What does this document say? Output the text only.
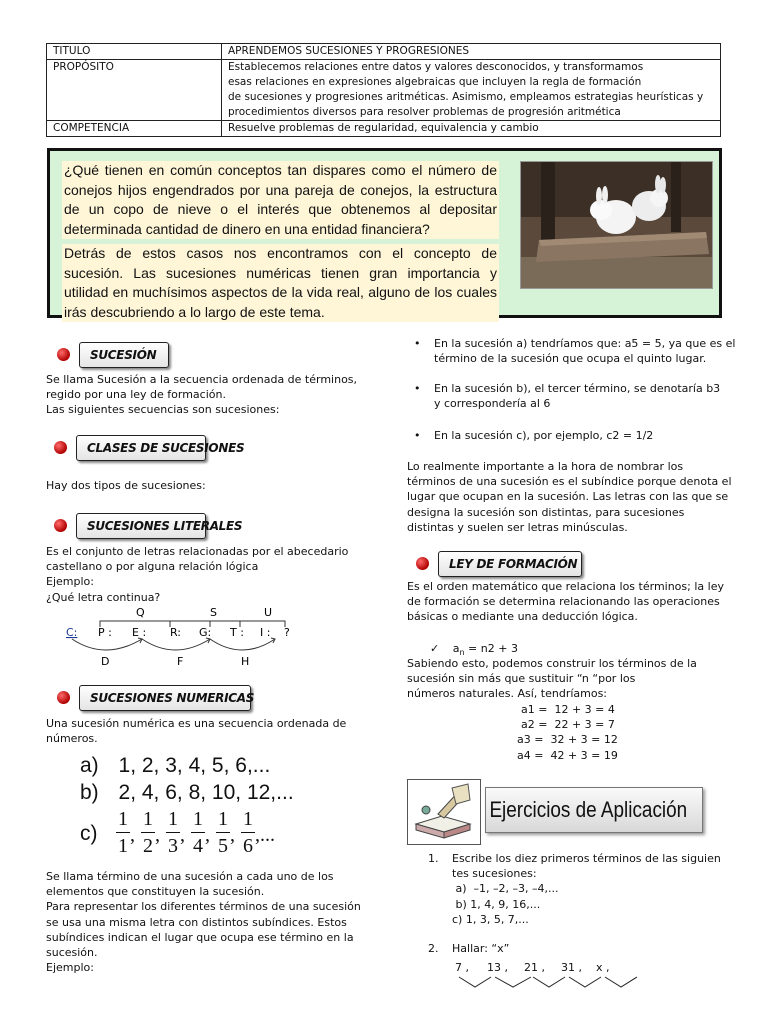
TITULO	APRENDEMOS SUCESIONES Y PROGRESIONES

PROPÓSITO	Establecemos relaciones entre datos y valores desconocidos, y transformamos
esas relaciones en expresiones algebraicas que incluyen la regla de formación
de sucesiones y progresiones aritméticas. Asimismo, empleamos estrategias heurísticas y
procedimientos diversos para resolver problemas de progresión aritmética

COMPETENCIA	Resuelve problemas de regularidad, equivalencia y cambio

¿Qué tienen en común conceptos tan dispares como el número de conejos hijos engendrados por una pareja de conejos, la estructura de un copo de nieve o el interés que obtenemos al depositar determinada cantidad de dinero en una entidad financiera?

Detrás de estos casos nos encontramos con el concepto de sucesión. Las sucesiones numéricas tienen gran importancia y utilidad en muchísimos aspectos de la vida real, alguno de los cuales irás descubriendo a lo largo de este tema.

SUCESIÓN
Se llama Sucesión a la secuencia ordenada de términos,
regido por una ley de formación.
Las siguientes secuencias son sucesiones:
CLASES DE SUCESIONES
Hay dos tipos de sucesiones:
SUCESIONES LITERALES
Es el conjunto de letras relacionadas por el abecedario
castellano o por alguna relación lógica
Ejemplo:
¿Qué letra continua?
Q	S	U
C: P : E : R: G: T : I : ?
D	F	H
SUCESIONES NUMERICAS
Una sucesión numérica es una secuencia ordenada de
números.
a) 1, 2, 3, 4, 5, 6,...
b) 2, 4, 6, 8, 10, 12,...
c)
1
1 ,
1
2 ,
1
3 ,
1
4 ,
1
5 ,
1
6 ,...
Se llama término de una sucesión a cada uno de los
elementos que constituyen la sucesión.
Para representar los diferentes términos de una sucesión
se usa una misma letra con distintos subíndices. Estos
subíndices indican el lugar que ocupa ese término en la
sucesión.
Ejemplo:
• En la sucesión a) tendríamos que: a5 = 5, ya que es el
término de la sucesión que ocupa el quinto lugar.
• En la sucesión b), el tercer término, se denotaría b3
y correspondería al 6
• En la sucesión c), por ejemplo, c2 = 1/2
Lo realmente importante a la hora de nombrar los
términos de una sucesión es el subíndice porque denota el
lugar que ocupan en la sucesión. Las letras con las que se
designa la sucesión son distintas, para sucesiones
distintas y suelen ser letras minúsculas.
LEY DE FORMACIÓN
Es el orden matemático que relaciona los términos; la ley
de formación se determina relacionando las operaciones
básicas o mediante una deducción lógica.
✓ $a_n = n2 + 3$
Sabiendo esto, podemos construir los términos de la
sucesión sin más que sustituir “n “por los
números naturales. Así, tendríamos:
a1 =  12 + 3 = 4
a2 =  22 + 3 = 7
a3 =  32 + 3 = 12
a4 =  42 + 3 = 19
Ejercicios de Aplicación
1. Escribe los diez primeros términos de las siguien
tes sucesiones:
a)  –1, –2, –3, –4,...
b) 1, 4, 9, 16,...
c) 1, 3, 5, 7,...
2. Hallar: “x”
7 , 13 , 21 , 31 , x ,
